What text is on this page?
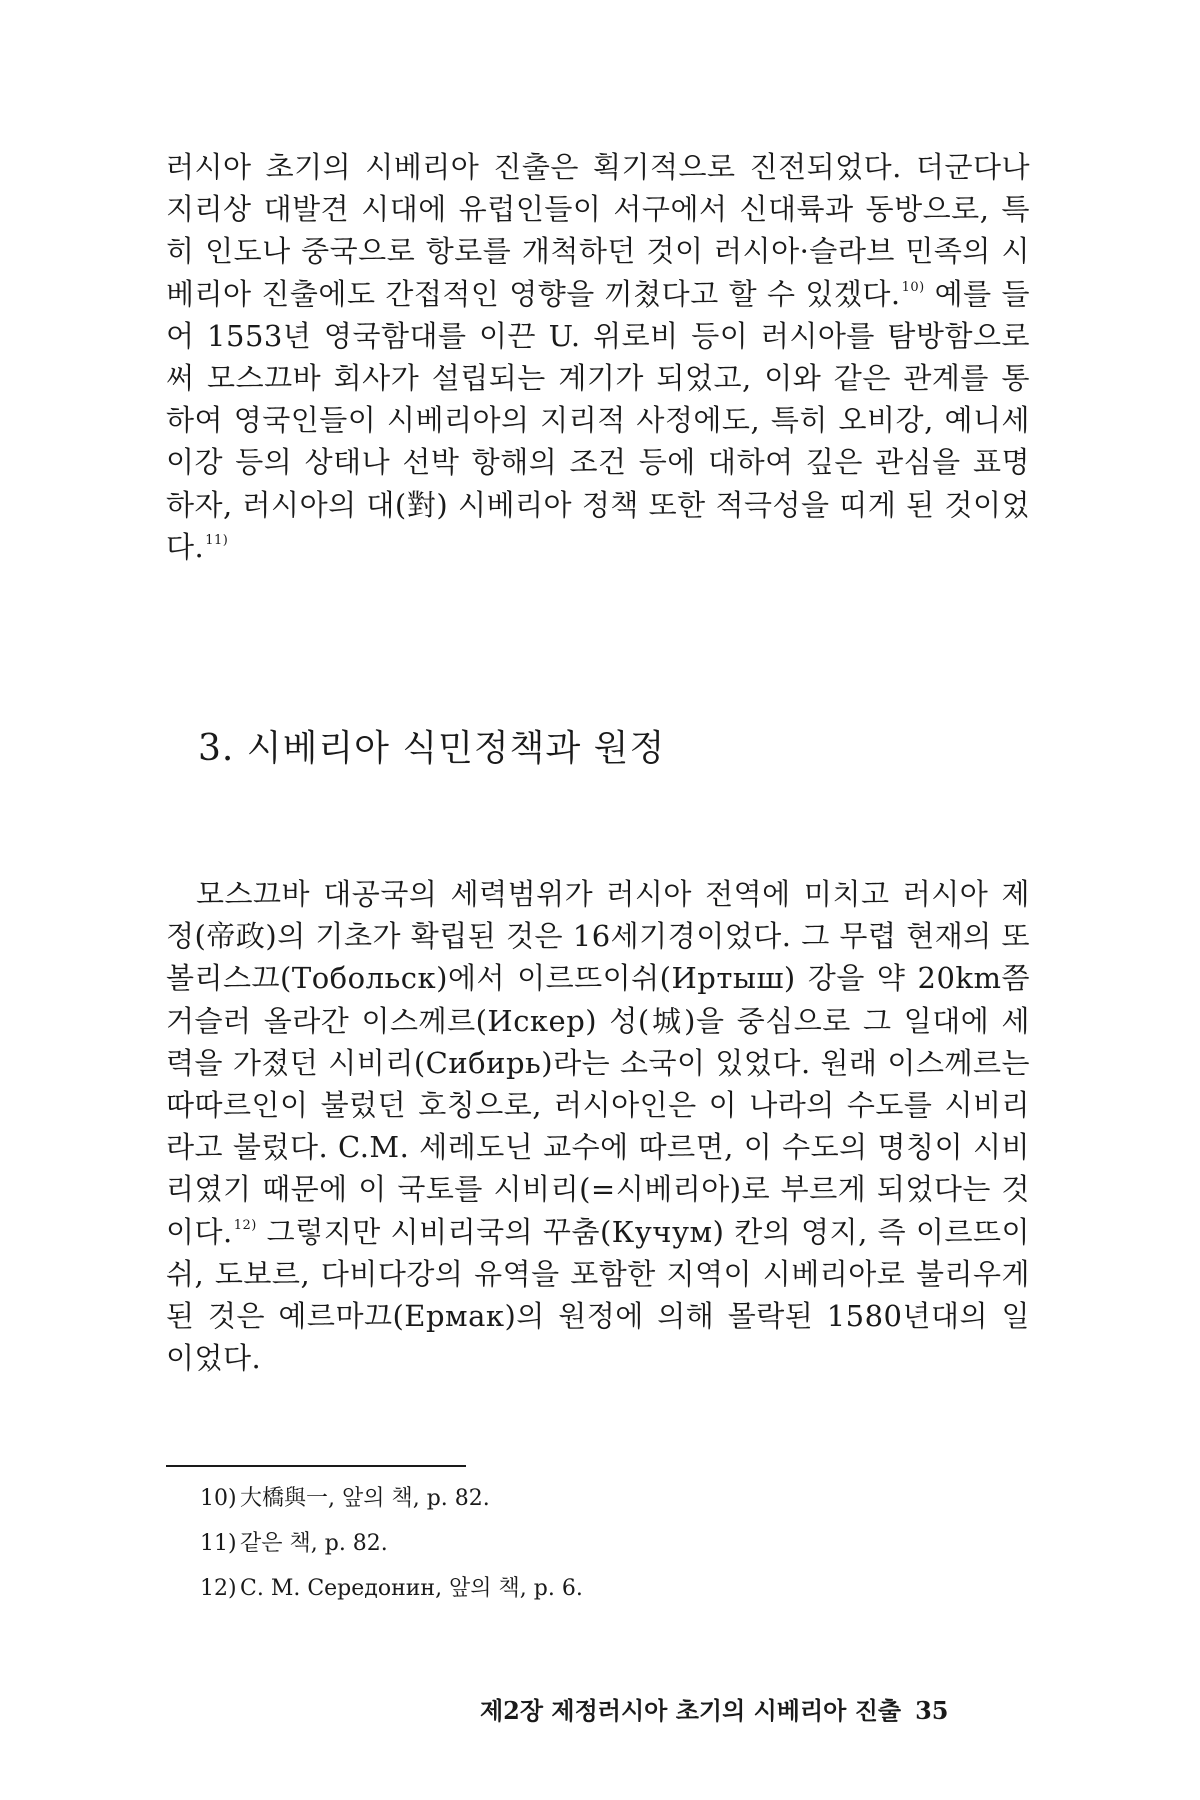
러시아 초기의 시베리아 진출은 획기적으로 진전되었다. 더군다나 지리상 대발견 시대에 유럽인들이 서구에서 신대륙과 동방으로, 특히 인도나 중국으로 항로를 개척하던 것이 러시아·슬라브 민족의 시베리아 진출에도 간접적인 영향을 끼쳤다고 할 수 있겠다.$^{10)}$ 예를 들어 1553년 영국함대를 이끈 U. 위로비 등이 러시아를 탐방함으로써 모스끄바 회사가 설립되는 계기가 되었고, 이와 같은 관계를 통하여 영국인들이 시베리아의 지리적 사정에도, 특히 오비강, 예니세이강 등의 상태나 선박 항해의 조건 등에 대하여 깊은 관심을 표명하자, 러시아의 대(對) 시베리아 정책 또한 적극성을 띠게 된 것이었다.$^{11)}$

3. 시베리아 식민정책과 원정

모스끄바 대공국의 세력범위가 러시아 전역에 미치고 러시아 제정(帝政)의 기초가 확립된 것은 16세기경이었다. 그 무렵 현재의 또볼리스끄(Тобольск)에서 이르뜨이쉬(Иртыш) 강을 약 20km쯤 거슬러 올라간 이스께르(Искер) 성(城)을 중심으로 그 일대에 세력을 가졌던 시비리(Сибирь)라는 소국이 있었다. 원래 이스께르는 따따르인이 불렀던 호칭으로, 러시아인은 이 나라의 수도를 시비리라고 불렀다. C.M. 세레도닌 교수에 따르면, 이 수도의 명칭이 시비리였기 때문에 이 국토를 시비리(=시베리아)로 부르게 되었다는 것이다.$^{12)}$ 그렇지만 시비리국의 꾸춤(Кучум) 칸의 영지, 즉 이르뜨이쉬, 도보르, 다비다강의 유역을 포함한 지역이 시베리아로 불리우게 된 것은 예르마끄(Ермак)의 원정에 의해 몰락된 1580년대의 일이었다.

10) 大橋與一, 앞의 책, p. 82.
11) 같은 책, p. 82.
12) С. М. Середонин, 앞의 책, p. 6.
제2장 제정러시아 초기의 시베리아 진출 35
